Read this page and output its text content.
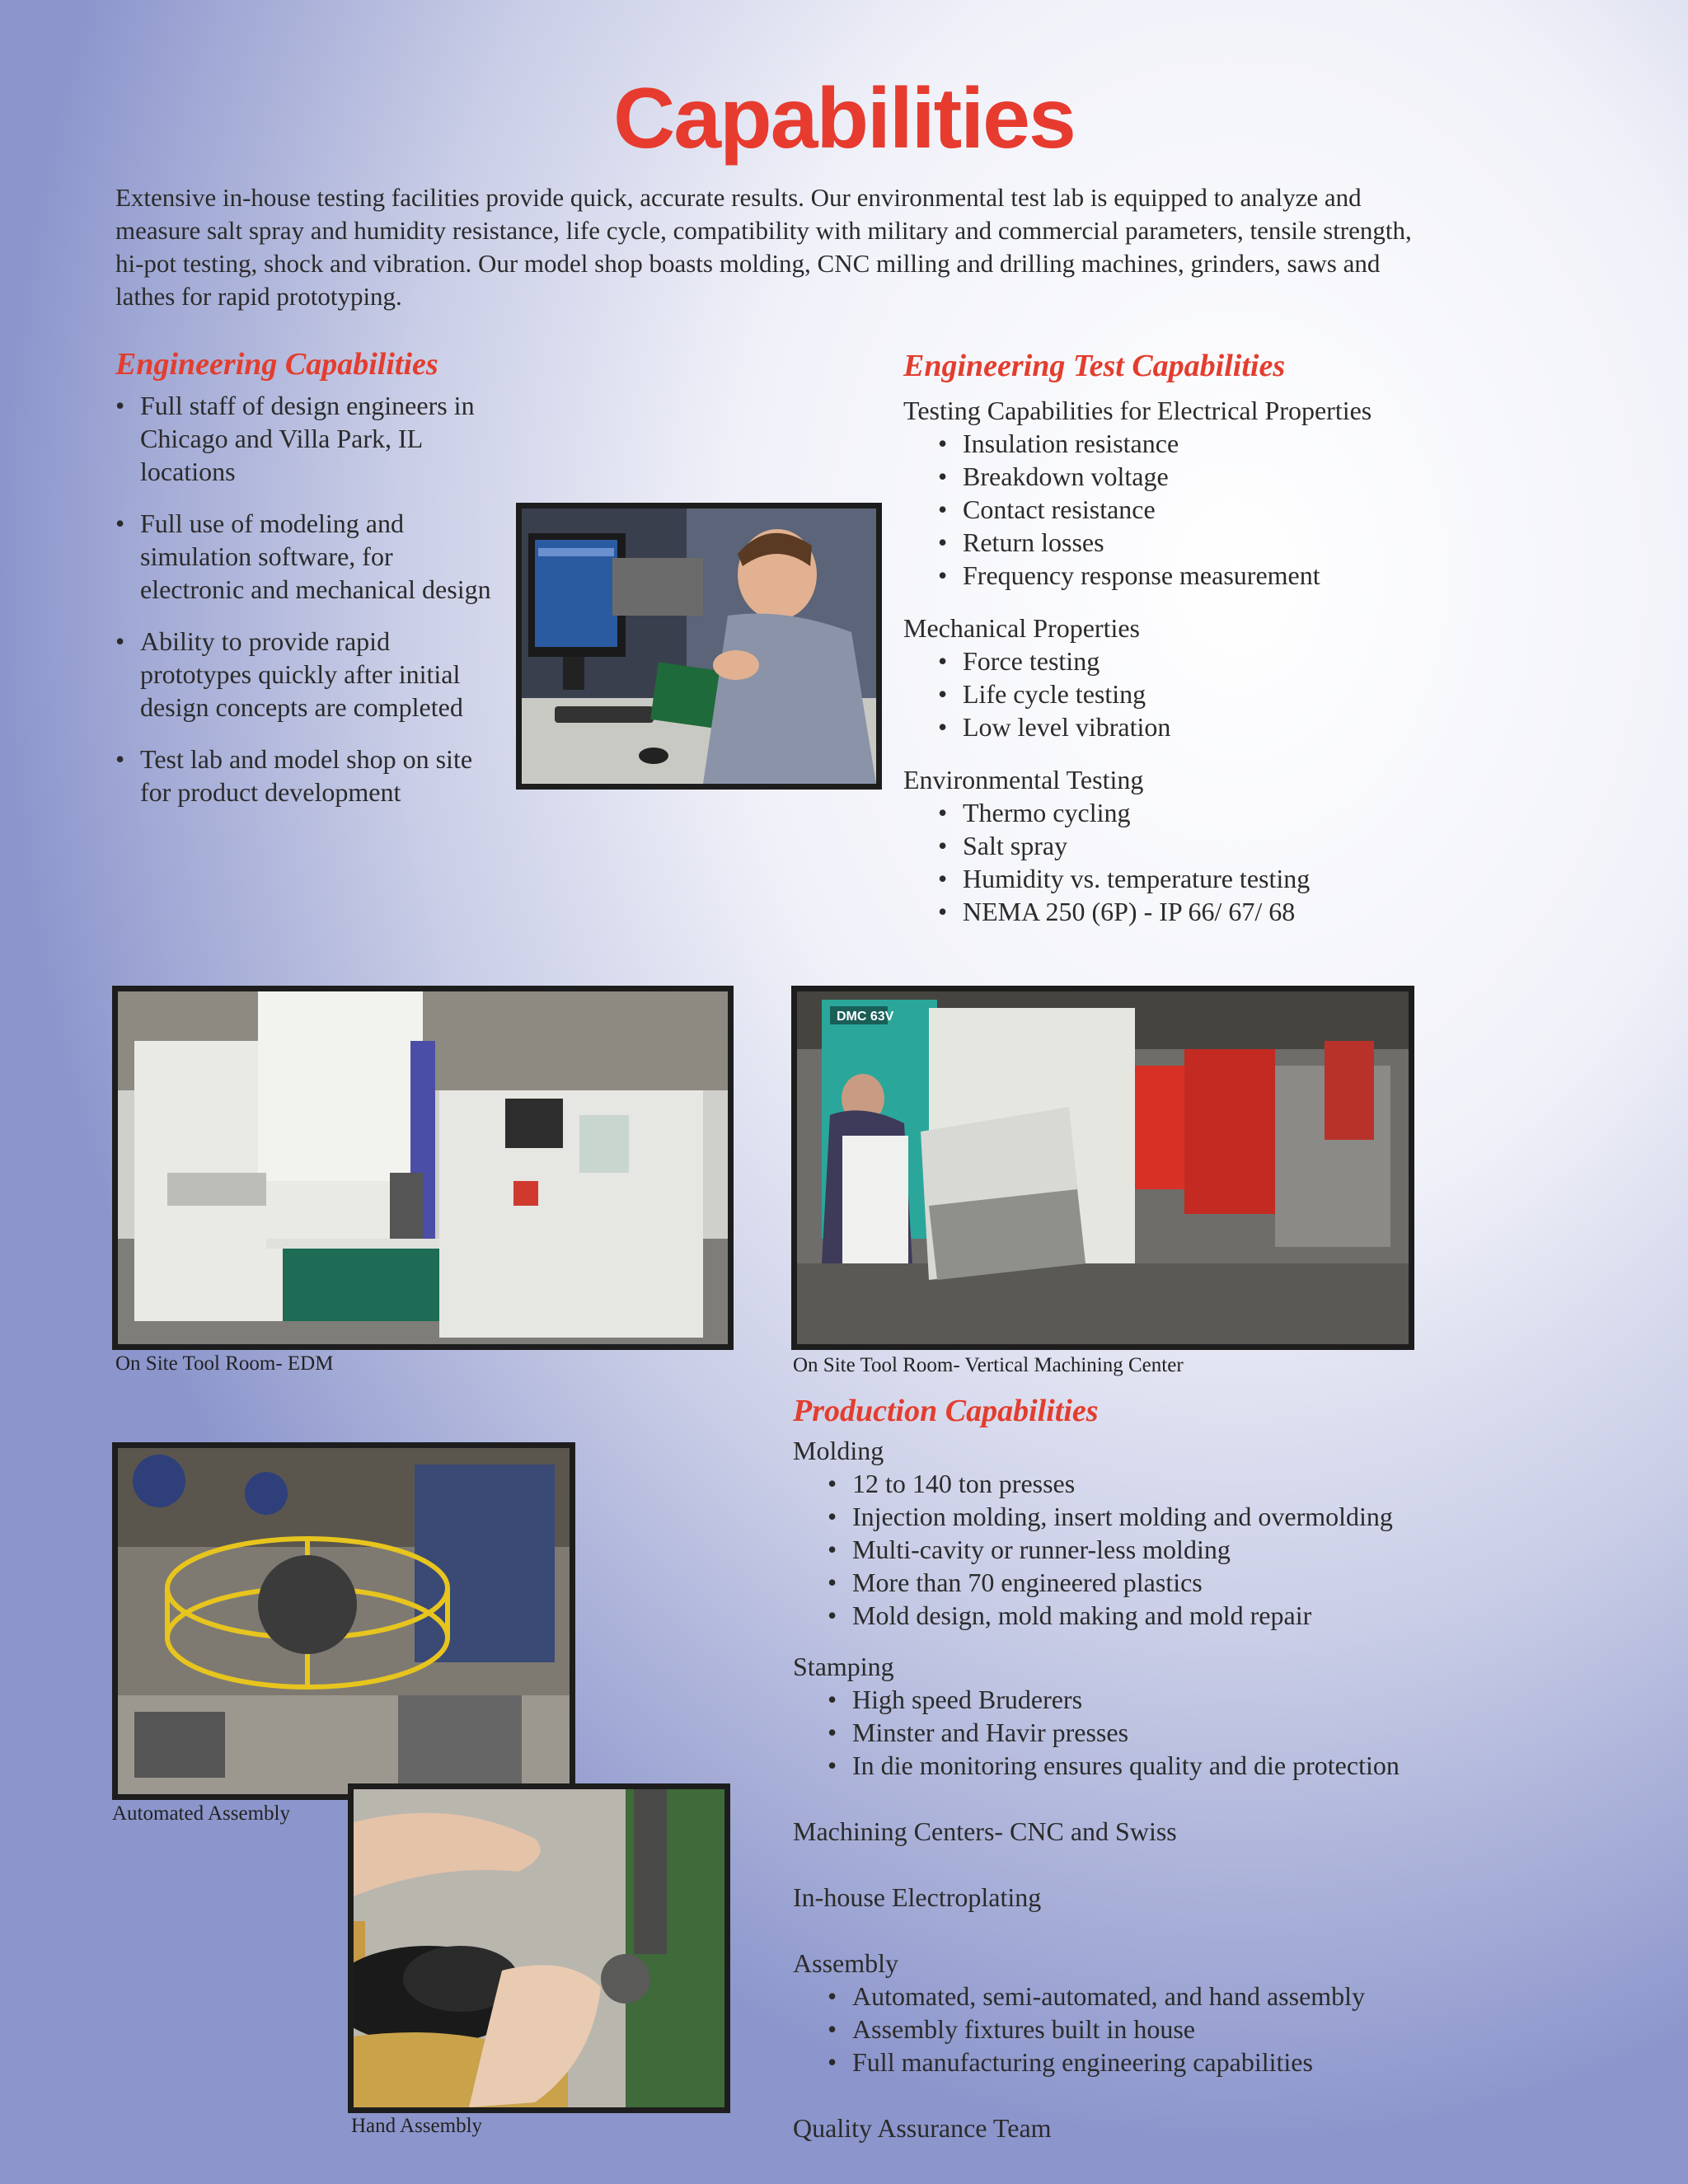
Capabilities
Extensive in-house testing facilities provide quick, accurate results. Our environmental test lab is equipped to analyze and measure salt spray and humidity resistance, life cycle, compatibility with military and commercial parameters, tensile strength, hi-pot testing, shock and vibration. Our model shop boasts molding, CNC milling and drilling machines, grinders, saws and lathes for rapid prototyping.
Engineering Capabilities
• Full staff of design engineers in Chicago and Villa Park, IL locations
• Full use of modeling and simulation software, for electronic and mechanical design
• Ability to provide rapid prototypes quickly after initial design concepts are completed
• Test lab and model shop on site for product development
Engineering Test Capabilities
Testing Capabilities for Electrical Properties
• Insulation resistance
• Breakdown voltage
• Contact resistance
• Return losses
• Frequency response measurement
Mechanical Properties
• Force testing
• Life cycle testing
• Low level vibration
Environmental Testing
• Thermo cycling
• Salt spray
• Humidity vs. temperature testing
• NEMA 250 (6P) - IP 66/ 67/ 68
On Site Tool Room- EDM
DMC 63V
On Site Tool Room- Vertical Machining Center
Automated Assembly
Hand Assembly
Production Capabilities
Molding
• 12 to 140 ton presses
• Injection molding, insert molding and overmolding
• Multi-cavity or runner-less molding
• More than 70 engineered plastics
• Mold design, mold making and mold repair
Stamping
• High speed Bruderers
• Minster and Havir presses
• In die monitoring ensures quality and die protection
Machining Centers- CNC and Swiss
In-house Electroplating
Assembly
• Automated, semi-automated, and hand assembly
• Assembly fixtures built in house
• Full manufacturing engineering capabilities
Quality Assurance Team
